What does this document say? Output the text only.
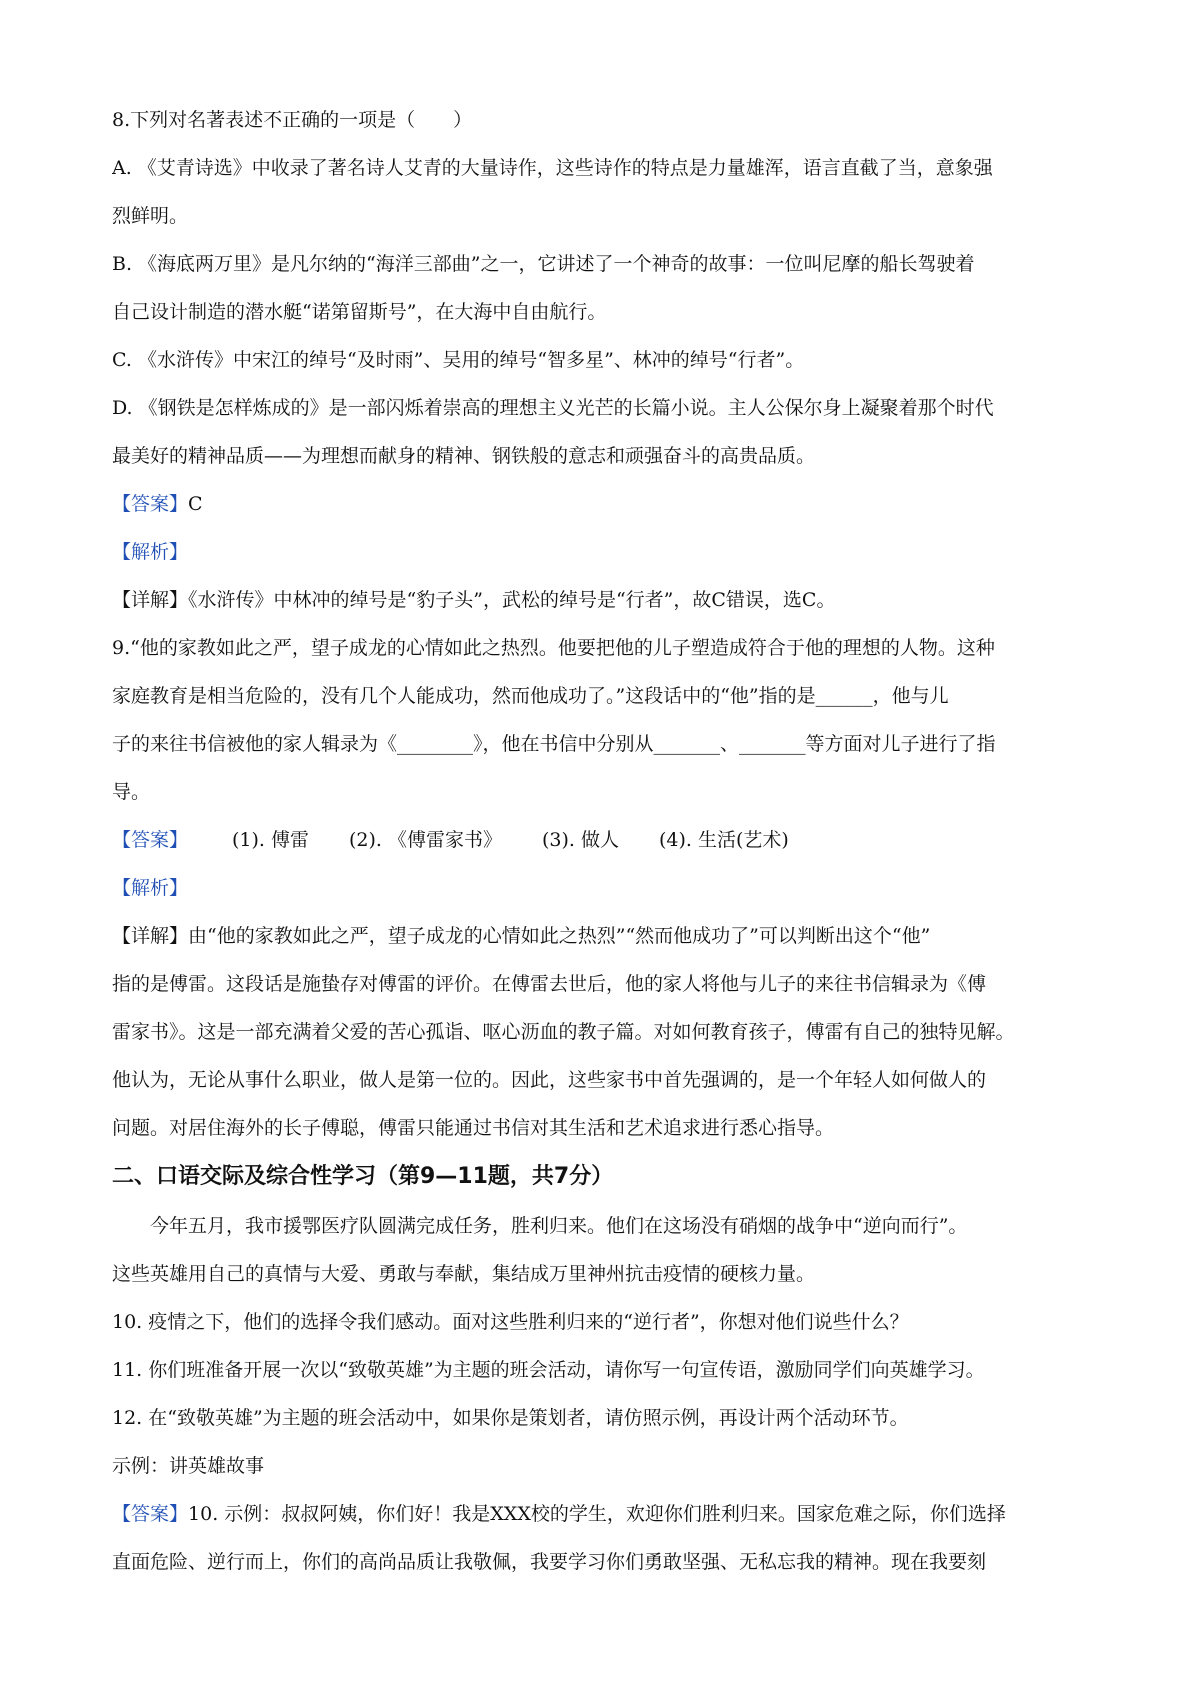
8.下列对名著表述不正确的一项是（　　）
A. 《艾青诗选》中收录了著名诗人艾青的大量诗作，这些诗作的特点是力量雄浑，语言直截了当，意象强
烈鲜明。
B. 《海底两万里》是凡尔纳的“海洋三部曲”之一，它讲述了一个神奇的故事：一位叫尼摩的船长驾驶着
自己设计制造的潜水艇“诺第留斯号”，在大海中自由航行。
C. 《水浒传》中宋江的绰号“及时雨”、吴用的绰号“智多星”、林冲的绰号“行者”。
D. 《钢铁是怎样炼成的》是一部闪烁着崇高的理想主义光芒的长篇小说。主人公保尔身上凝聚着那个时代
最美好的精神品质——为理想而献身的精神、钢铁般的意志和顽强奋斗的高贵品质。
【答案】C
【解析】
【详解】《水浒传》中林冲的绰号是“豹子头”，武松的绰号是“行者”，故C错误，选C。
9.“他的家教如此之严，望子成龙的心情如此之热烈。他要把他的儿子塑造成符合于他的理想的人物。这种
家庭教育是相当危险的，没有几个人能成功，然而他成功了。”这段话中的“他”指的是______，他与儿
子的来往书信被他的家人辑录为《________》，他在书信中分别从_______、_______等方面对儿子进行了指
导。
【答案】 (1). 傅雷 (2). 《傅雷家书》 (3). 做人 (4). 生活(艺术)
【解析】
【详解】由“他的家教如此之严，望子成龙的心情如此之热烈”“然而他成功了”可以判断出这个“他”
指的是傅雷。这段话是施蛰存对傅雷的评价。在傅雷去世后，他的家人将他与儿子的来往书信辑录为《傅
雷家书》。这是一部充满着父爱的苦心孤诣、呕心沥血的教子篇。对如何教育孩子，傅雷有自己的独特见解。
他认为，无论从事什么职业，做人是第一位的。因此，这些家书中首先强调的，是一个年轻人如何做人的
问题。对居住海外的长子傅聪，傅雷只能通过书信对其生活和艺术追求进行悉心指导。
二、口语交际及综合性学习（第9—11题，共7分）
今年五月，我市援鄂医疗队圆满完成任务，胜利归来。他们在这场没有硝烟的战争中“逆向而行”。
这些英雄用自己的真情与大爱、勇敢与奉献，集结成万里神州抗击疫情的硬核力量。
10. 疫情之下，他们的选择令我们感动。面对这些胜利归来的“逆行者”，你想对他们说些什么？
11. 你们班准备开展一次以“致敬英雄”为主题的班会活动，请你写一句宣传语，激励同学们向英雄学习。
12. 在“致敬英雄”为主题的班会活动中，如果你是策划者，请仿照示例，再设计两个活动环节。
示例：讲英雄故事
【答案】10. 示例：叔叔阿姨，你们好！我是XXX校的学生，欢迎你们胜利归来。国家危难之际，你们选择
直面危险、逆行而上，你们的高尚品质让我敬佩，我要学习你们勇敢坚强、无私忘我的精神。现在我要刻
